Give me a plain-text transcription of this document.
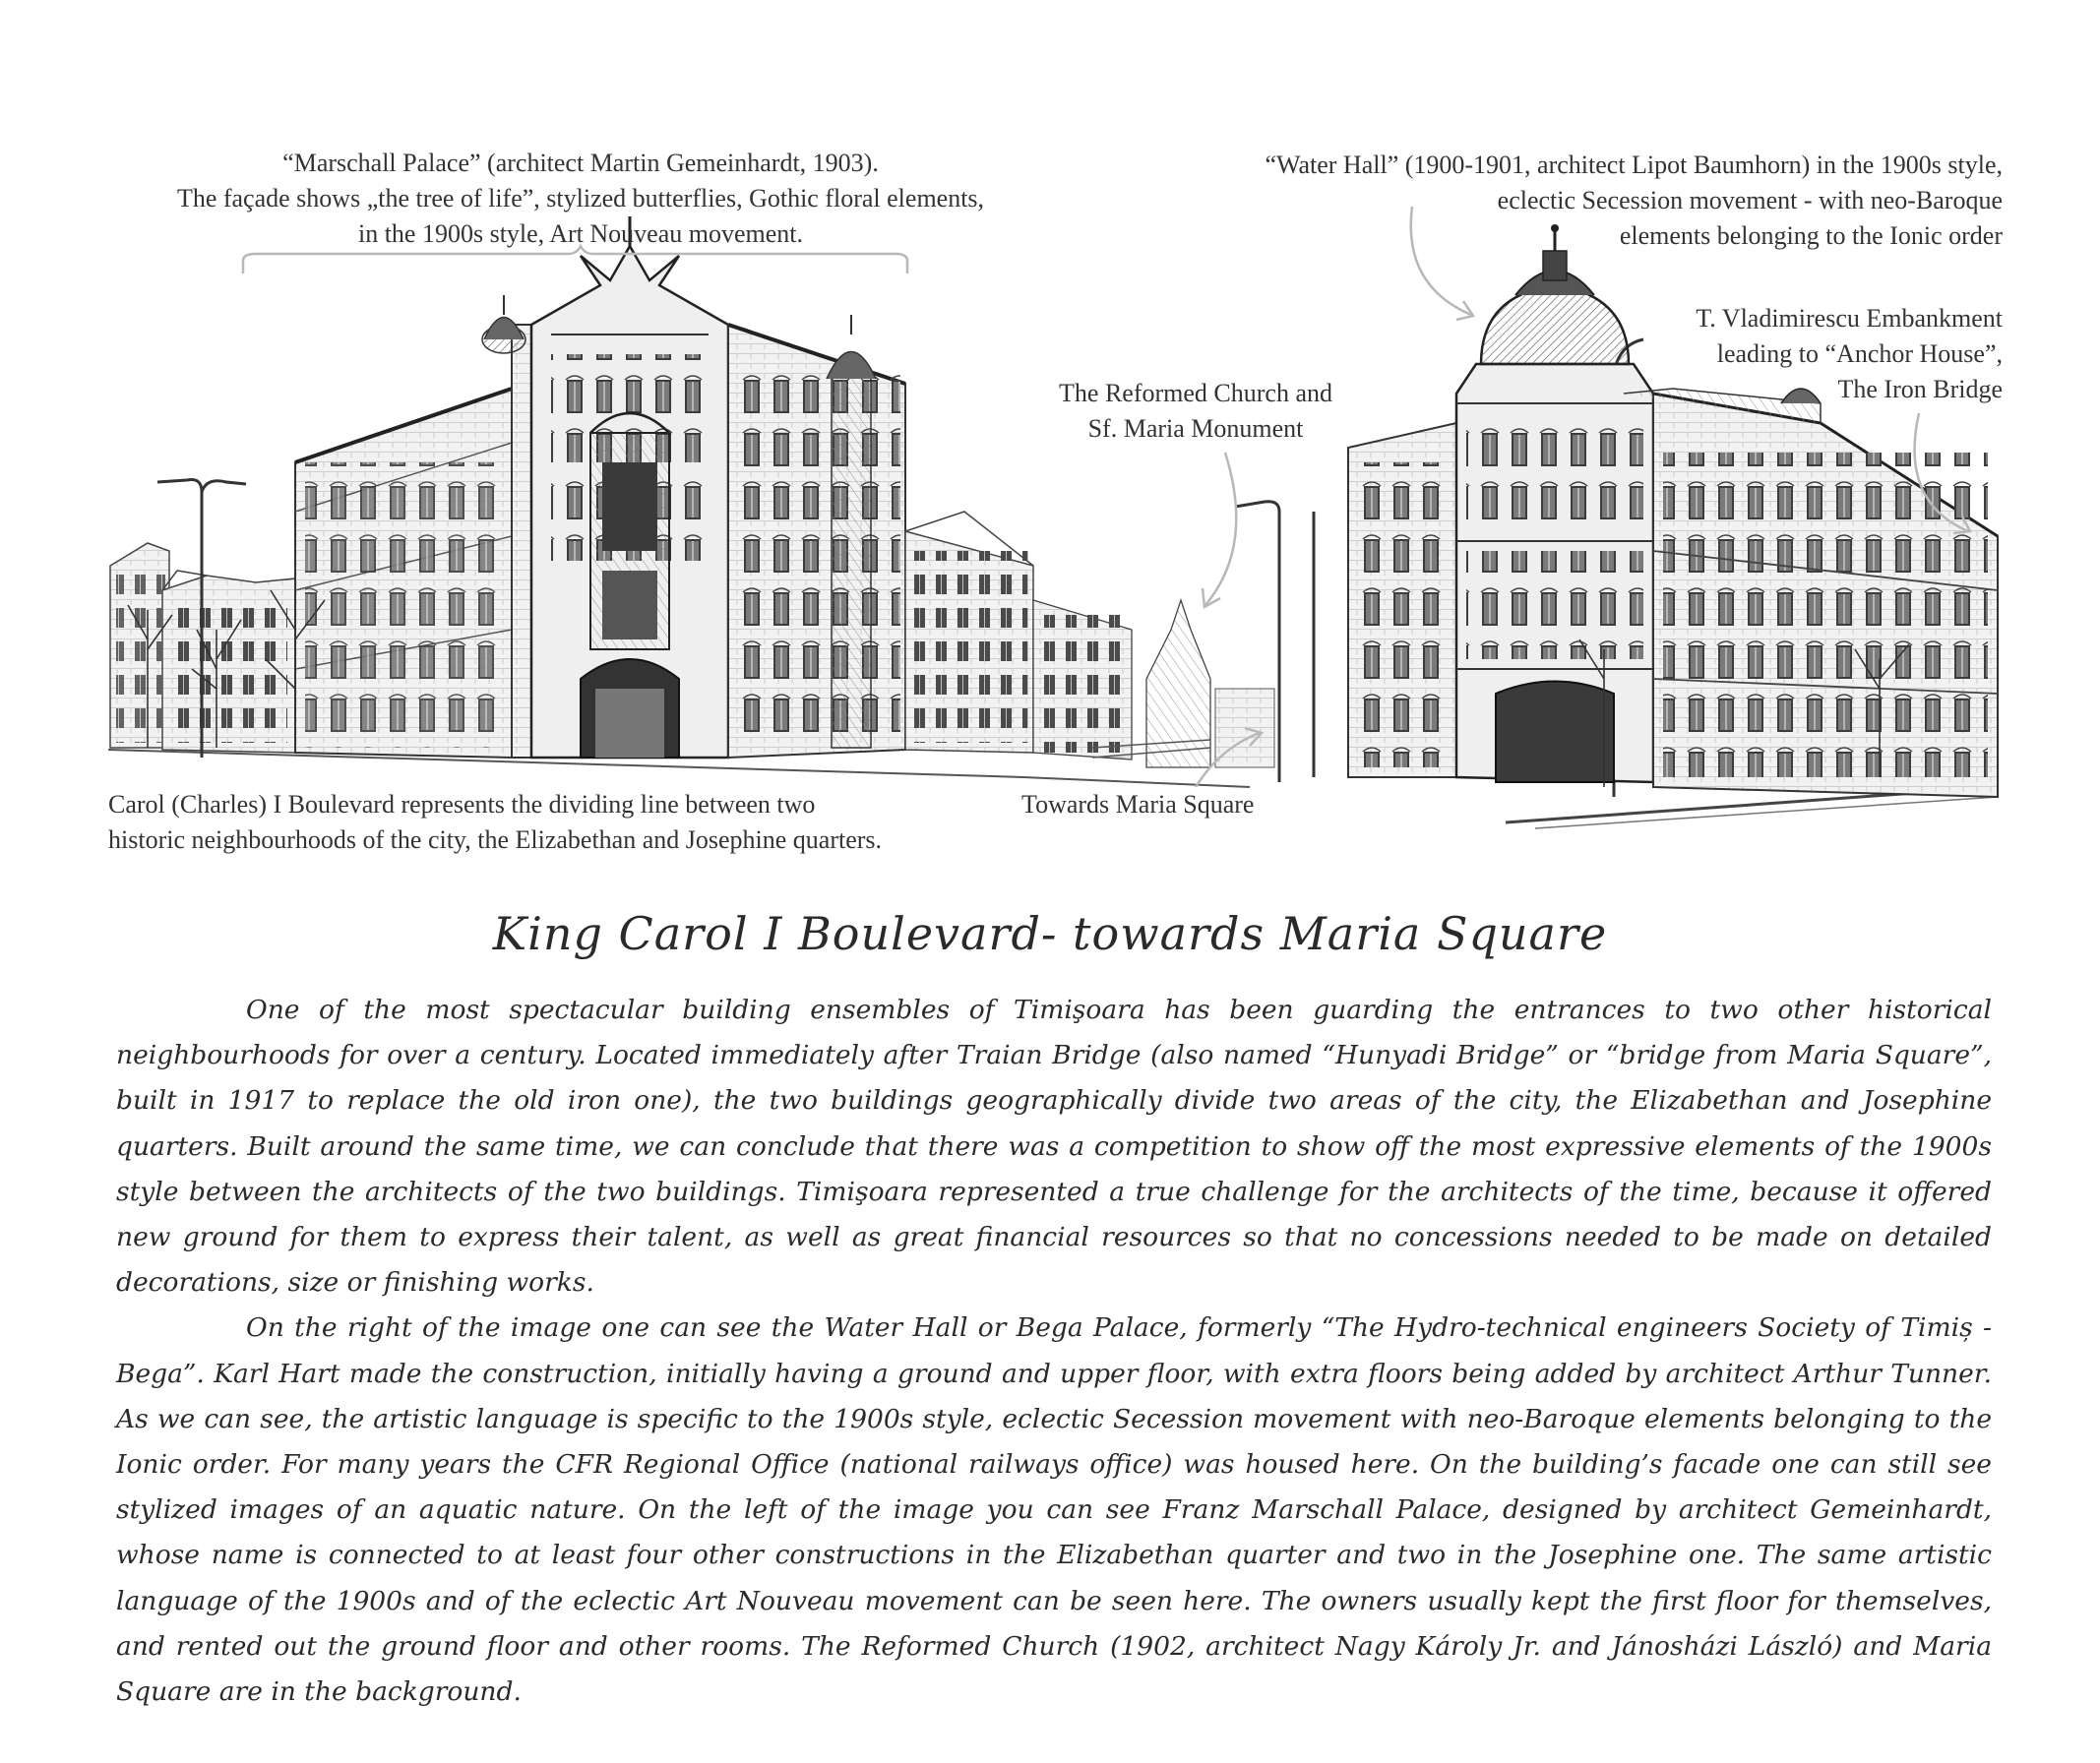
“Marschall Palace” (architect Martin Gemeinhardt, 1903).
The façade shows „the tree of life”, stylized butterflies, Gothic floral elements,
in the 1900s style, Art Nouveau movement.
“Water Hall” (1900-1901, architect Lipot Baumhorn) in the 1900s style,
eclectic Secession movement - with neo-Baroque
elements belonging to the Ionic order
T. Vladimirescu Embankment
leading to “Anchor House”,
The Iron Bridge
The Reformed Church and
Sf. Maria Monument
Carol (Charles) I Boulevard represents the dividing line between two
historic neighbourhoods of the city, the Elizabethan and Josephine quarters.
Towards Maria Square
King Carol I Boulevard- towards Maria Square

One of the most spectacular building ensembles of Timişoara has been guarding the entrances to two other historical neighbourhoods for over a century. Located immediately after Traian Bridge (also named “Hunyadi Bridge” or “bridge from Maria Square”, built in 1917 to replace the old iron one), the two buildings geographically divide two areas of the city, the Elizabethan and Josephine quarters. Built around the same time, we can conclude that there was a competition to show off the most expressive elements of the 1900s style between the architects of the two buildings. Timişoara represented a true challenge for the architects of the time, because it offered new ground for them to express their talent, as well as great financial resources so that no concessions needed to be made on detailed decorations, size or finishing works.

On the right of the image one can see the Water Hall or Bega Palace, formerly “The Hydro-technical engineers Society of Timiș - Bega”. Karl Hart made the construction, initially having a ground and upper floor, with extra floors being added by architect Arthur Tunner. As we can see, the artistic language is specific to the 1900s style, eclectic Secession movement with neo-Baroque elements belonging to the Ionic order. For many years the CFR Regional Office (national railways office) was housed here. On the building’s facade one can still see stylized images of an aquatic nature. On the left of the image you can see Franz Marschall Palace, designed by architect Gemeinhardt, whose name is connected to at least four other constructions in the Elizabethan quarter and two in the Josephine one. The same artistic language of the 1900s and of the eclectic Art Nouveau movement can be seen here. The owners usually kept the first floor for themselves, and rented out the ground floor and other rooms. The Reformed Church (1902, architect Nagy Károly Jr. and Jánosházi László) and Maria Square are in the background.
